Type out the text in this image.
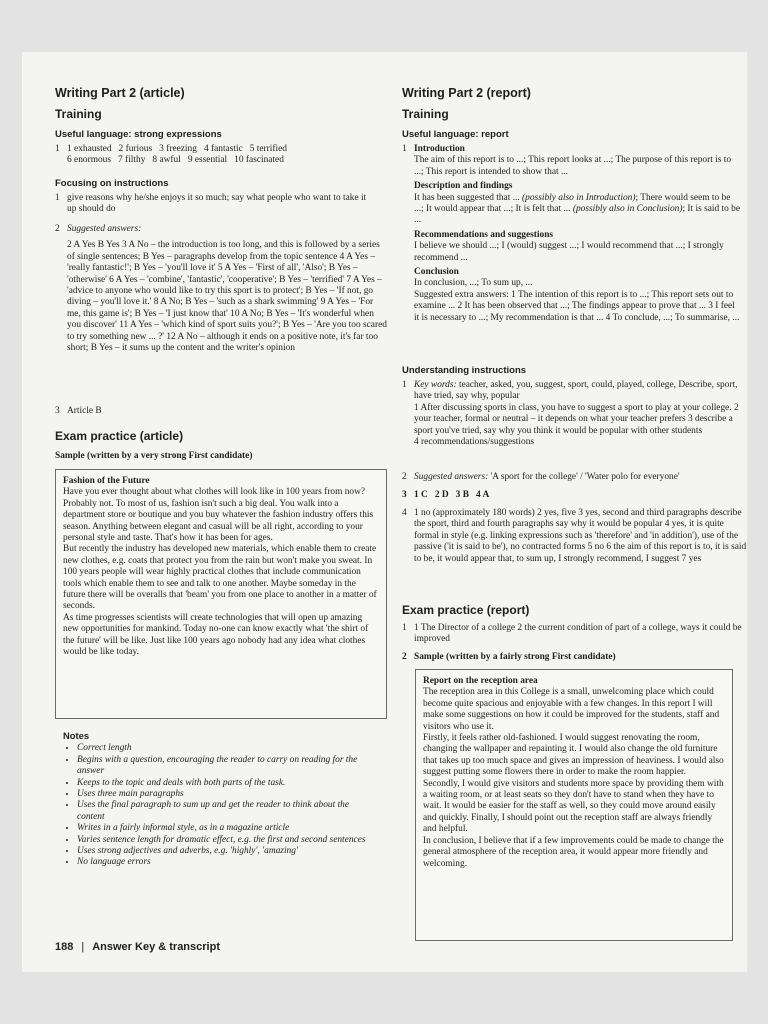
Writing Part 2 (article)
Training
Useful language: strong expressions
1 1 exhausted   2 furious   3 freezing   4 fantastic   5 terrified
6 enormous   7 filthy   8 awful   9 essential   10 fascinated
Focusing on instructions
1 give reasons why he/she enjoys it so much; say what people who want to take it up should do
2 Suggested answers:
2 A Yes B Yes 3 A No – the introduction is too long, and this is followed by a series of single sentences; B Yes – paragraphs develop from the topic sentence 4 A Yes – 'really fantastic!'; B Yes – 'you'll love it' 5 A Yes – 'First of all', 'Also'; B Yes – 'otherwise' 6 A Yes – 'combine', 'fantastic', 'cooperative'; B Yes – 'terrified' 7 A Yes – 'advice to anyone who would like to try this sport is to protect'; B Yes – 'If not, go diving – you'll love it.' 8 A No; B Yes – 'such as a shark swimming' 9 A Yes – 'For me, this game is'; B Yes – 'I just know that' 10 A No; B Yes – 'It's wonderful when you discover' 11 A Yes – 'which kind of sport suits you?'; B Yes – 'Are you too scared to try something new ... ?' 12 A No – although it ends on a positive note, it's far too short; B Yes – it sums up the content and the writer's opinion
3 Article B
Exam practice (article)
Sample (written by a very strong First candidate)

Fashion of the Future

Have you ever thought about what clothes will look like in 100 years from now? Probably not. To most of us, fashion isn't such a big deal. You walk into a department store or boutique and you buy whatever the fashion industry offers this season. Anything between elegant and casual will be all right, according to your personal style and taste. That's how it has been for ages.

But recently the industry has developed new materials, which enable them to create new clothes, e.g. coats that protect you from the rain but won't make you sweat. In 100 years people will wear highly practical clothes that include communication tools which enable them to see and talk to one another. Maybe someday in the future there will be overalls that 'beam' you from one place to another in a matter of seconds.

As time progresses scientists will create technologies that will open up amazing new opportunities for mankind. Today no-one can know exactly what 'the shirt of the future' will be like. Just like 100 years ago nobody had any idea what clothes would be like today.

Notes
• Correct length
• Begins with a question, encouraging the reader to carry on reading for the answer
• Keeps to the topic and deals with both parts of the task.
• Uses three main paragraphs
• Uses the final paragraph to sum up and get the reader to think about the content
• Writes in a fairly informal style, as in a magazine article
• Varies sentence length for dramatic effect, e.g. the first and second sentences
• Uses strong adjectives and adverbs, e.g. 'highly', 'amazing'
• No language errors
Writing Part 2 (report)
Training
Useful language: report
1 Introduction
The aim of this report is to ...; This report looks at ...; The purpose of this report is to ...; This report is intended to show that ...
Description and findings
It has been suggested that ... (possibly also in Introduction); There would seem to be ...; It would appear that ...; It is felt that ... (possibly also in Conclusion); It is said to be ...
Recommendations and suggestions
I believe we should ...; I (would) suggest ...; I would recommend that ...; I strongly recommend ...
Conclusion
In conclusion, ...; To sum up, ...
Suggested extra answers: 1 The intention of this report is to ...; This report sets out to examine ... 2 It has been observed that ...; The findings appear to prove that ... 3 I feel it is necessary to ...; My recommendation is that ... 4 To conclude, ...; To summarise, ...
Understanding instructions
1 Key words: teacher, asked, you, suggest, sport, could, played, college, Describe, sport, have tried, say why, popular
1 After discussing sports in class, you have to suggest a sport to play at your college. 2 your teacher, formal or neutral – it depends on what your teacher prefers 3 describe a sport you've tried, say why you think it would be popular with other students
4 recommendations/suggestions
2 Suggested answers: 'A sport for the college' / 'Water polo for everyone'
3 1 C   2 D   3 B   4 A
4 1 no (approximately 180 words) 2 yes, five 3 yes, second and third paragraphs describe the sport, third and fourth paragraphs say why it would be popular 4 yes, it is quite formal in style (e.g. linking expressions such as 'therefore' and 'in addition'), use of the passive ('it is said to be'), no contracted forms 5 no 6 the aim of this report is to, it is said to be, it would appear that, to sum up, I strongly recommend, I suggest 7 yes
Exam practice (report)
1 1 The Director of a college 2 the current condition of part of a college, ways it could be improved
2 Sample (written by a fairly strong First candidate)

Report on the reception area

The reception area in this College is a small, unwelcoming place which could become quite spacious and enjoyable with a few changes. In this report I will make some suggestions on how it could be improved for the students, staff and visitors who use it.

Firstly, it feels rather old-fashioned. I would suggest renovating the room, changing the wallpaper and repainting it. I would also change the old furniture that takes up too much space and gives an impression of heaviness. I would also suggest putting some flowers there in order to make the room happier.

Secondly, I would give visitors and students more space by providing them with a waiting room, or at least seats so they don't have to stand when they have to wait. It would be easier for the staff as well, so they could move around easily and quickly. Finally, I should point out the reception staff are always friendly and helpful.

In conclusion, I believe that if a few improvements could be made to change the general atmosphere of the reception area, it would appear more friendly and welcoming.

188 | Answer Key & transcript
